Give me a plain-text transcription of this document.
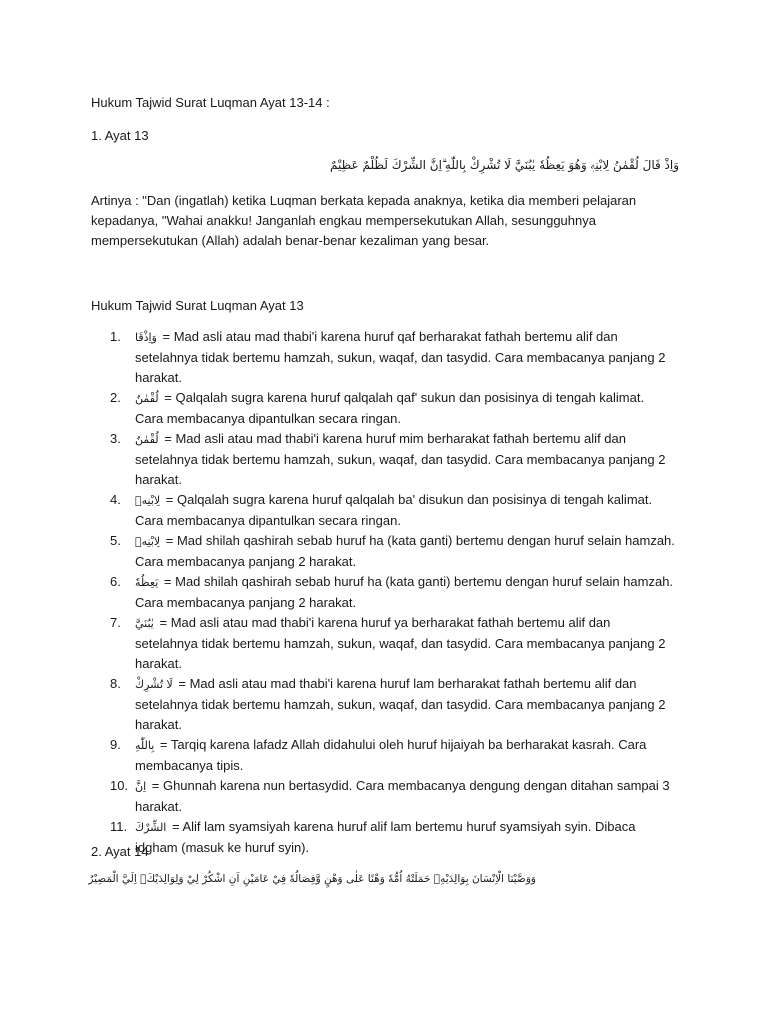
Hukum Tajwid Surat Luqman Ayat 13-14 :
1. Ayat 13
وَاِذْ قَالَ لُقْمٰنُ لِابْنِهٖ وَهُوَ يَعِظُهٗ يٰبُنَيَّ لَا تُشْرِكْ بِاللّٰهِ ۗاِنَّ الشِّرْكَ لَظُلْمٌ عَظِيْمٌ
Artinya : "Dan (ingatlah) ketika Luqman berkata kepada anaknya, ketika dia memberi pelajaran kepadanya, "Wahai anakku! Janganlah engkau mempersekutukan Allah, sesungguhnya mempersekutukan (Allah) adalah benar-benar kezaliman yang besar.
Hukum Tajwid Surat Luqman Ayat 13
1. وَاِذْقَا = Mad asli atau mad thabi'i karena huruf qaf berharakat fathah bertemu alif dan setelahnya tidak bertemu hamzah, sukun, waqaf, dan tasydid. Cara membacanya panjang 2 harakat.
2. لُقْمٰنُ = Qalqalah sugra karena huruf qalqalah qaf' sukun dan posisinya di tengah kalimat. Cara membacanya dipantulkan secara ringan.
3. لُقْمٰنُ = Mad asli atau mad thabi'i karena huruf mim berharakat fathah bertemu alif dan setelahnya tidak bertemu hamzah, sukun, waqaf, dan tasydid. Cara membacanya panjang 2 harakat.
4. لِابْنِهٖ = Qalqalah sugra karena huruf qalqalah ba' disukun dan posisinya di tengah kalimat. Cara membacanya dipantulkan secara ringan.
5. لِابْنِهٖ = Mad shilah qashirah sebab huruf ha (kata ganti) bertemu dengan huruf selain hamzah. Cara membacanya panjang 2 harakat.
6. يَعِظُهٗ = Mad shilah qashirah sebab huruf ha (kata ganti) bertemu dengan huruf selain hamzah. Cara membacanya panjang 2 harakat.
7. يٰبُنَيَّ = Mad asli atau mad thabi'i karena huruf ya berharakat fathah bertemu alif dan setelahnya tidak bertemu hamzah, sukun, waqaf, dan tasydid. Cara membacanya panjang 2 harakat.
8. لَا تُشْرِكْ = Mad asli atau mad thabi'i karena huruf lam berharakat fathah bertemu alif dan setelahnya tidak bertemu hamzah, sukun, waqaf, dan tasydid. Cara membacanya panjang 2 harakat.
9. بِاللّٰهِ = Tarqiq karena lafadz Allah didahului oleh huruf hijaiyah ba berharakat kasrah. Cara membacanya tipis.
10. اِنَّ = Ghunnah karena nun bertasydid. Cara membacanya dengung dengan ditahan sampai 3 harakat.
11. الشِّرْكَ = Alif lam syamsiyah karena huruf alif lam bertemu huruf syamsiyah syin. Dibaca idgham (masuk ke huruf syin).
2. Ayat 14
وَوَصَّيْنَا الْاِنْسَانَ بِوَالِدَيْهِۚ حَمَلَتْهُ اُمُّهٗ وَهْنًا عَلٰى وَهْنٍ وَّفِصَالُهٗ فِيْ عَامَيْنِ اَنِ اشْكُرْ لِيْ وَلِوَالِدَيْكَۗ اِلَيَّ الْمَصِيْرُ
